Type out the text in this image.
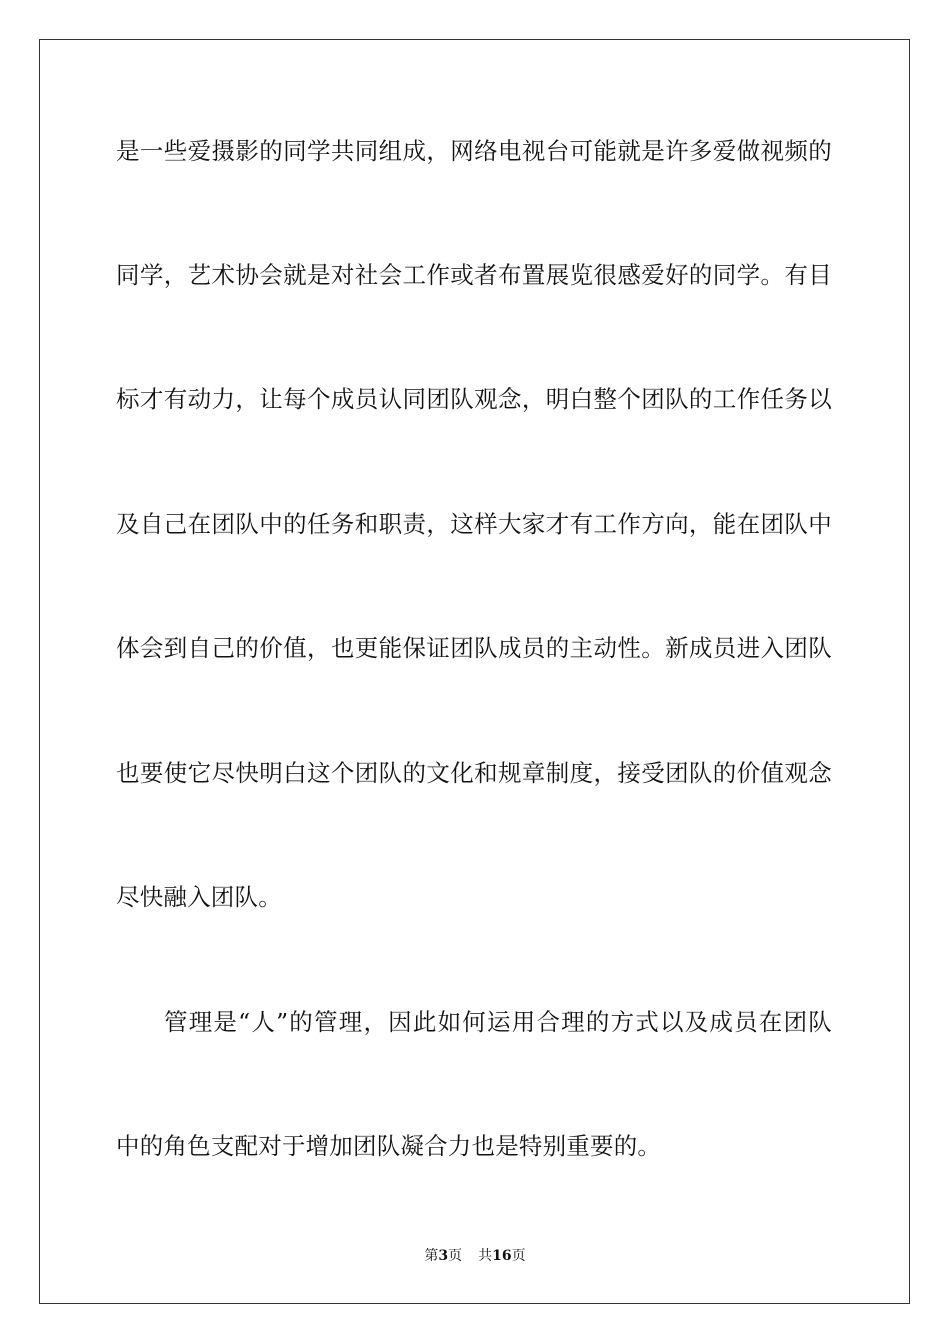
是一些爱摄影的同学共同组成，网络电视台可能就是许多爱做视频的
同学，艺术协会就是对社会工作或者布置展览很感爱好的同学。有目
标才有动力，让每个成员认同团队观念，明白整个团队的工作任务以
及自己在团队中的任务和职责，这样大家才有工作方向，能在团队中
体会到自己的价值，也更能保证团队成员的主动性。新成员进入团队
也要使它尽快明白这个团队的文化和规章制度，接受团队的价值观念
尽快融入团队。
管理是“人”的管理，因此如何运用合理的方式以及成员在团队
中的角色支配对于增加团队凝合力也是特别重要的。
第3页 共16页
